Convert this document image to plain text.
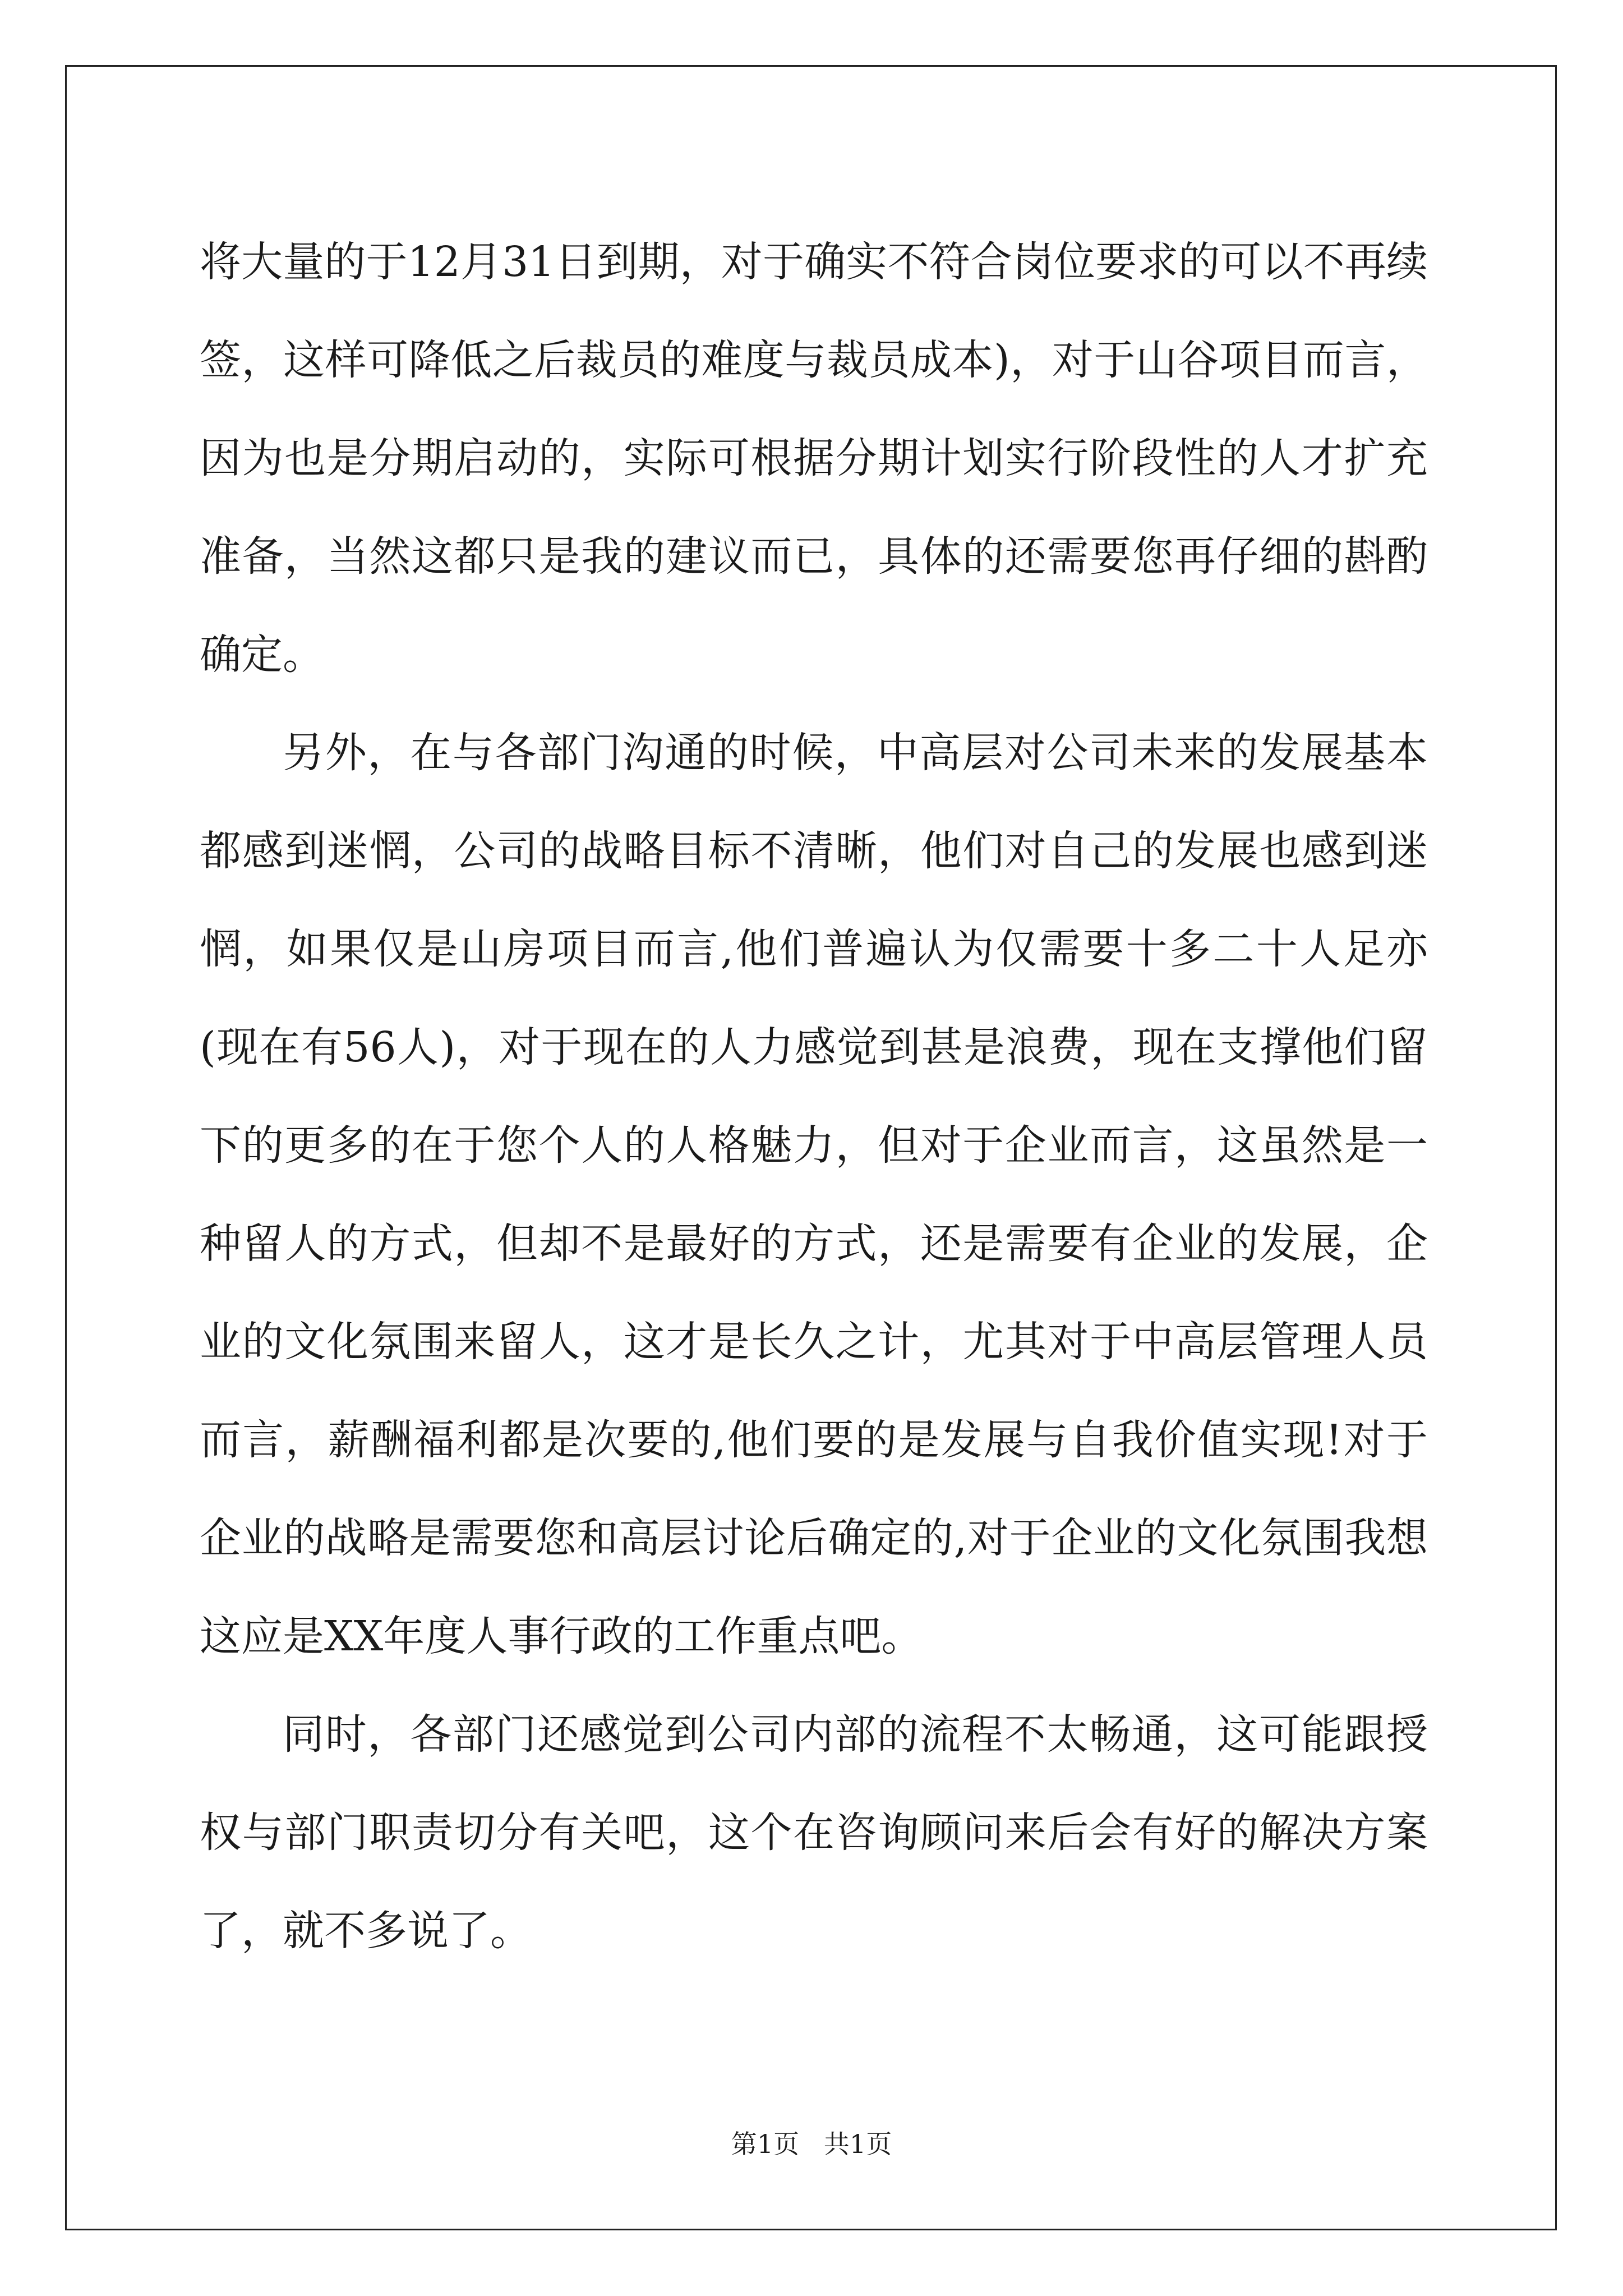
将大量的于12月31日到期，对于确实不符合岗位要求的可以不再续签，这样可降低之后裁员的难度与裁员成本)，对于山谷项目而言，因为也是分期启动的，实际可根据分期计划实行阶段性的人才扩充准备，当然这都只是我的建议而已，具体的还需要您再仔细的斟酌确定。

另外，在与各部门沟通的时候，中高层对公司未来的发展基本都感到迷惘，公司的战略目标不清晰，他们对自己的发展也感到迷惘，如果仅是山房项目而言,他们普遍认为仅需要十多二十人足亦(现在有56人)，对于现在的人力感觉到甚是浪费，现在支撑他们留下的更多的在于您个人的人格魅力，但对于企业而言，这虽然是一种留人的方式，但却不是最好的方式，还是需要有企业的发展，企业的文化氛围来留人，这才是长久之计，尤其对于中高层管理人员而言，薪酬福利都是次要的,他们要的是发展与自我价值实现!对于企业的战略是需要您和高层讨论后确定的,对于企业的文化氛围我想这应是XX年度人事行政的工作重点吧。

同时，各部门还感觉到公司内部的流程不太畅通，这可能跟授权与部门职责切分有关吧，这个在咨询顾问来后会有好的解决方案了，就不多说了。

第1页   共1页
